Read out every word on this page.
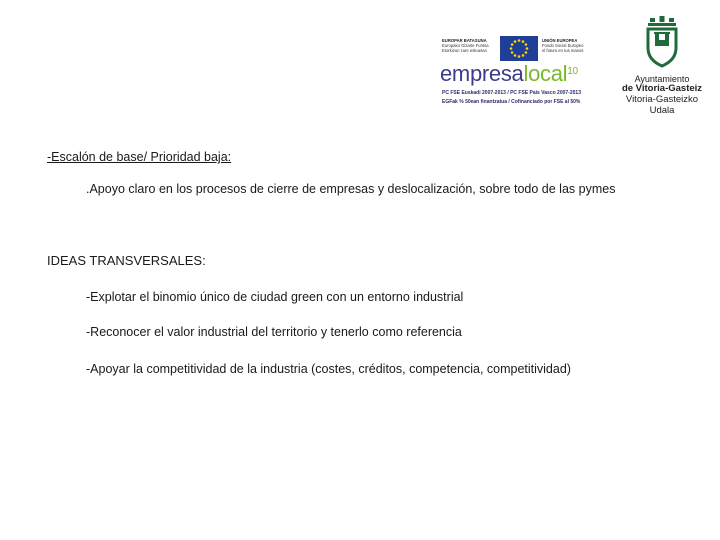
EUROPAR BATASUNA
Europako Gizarte Funtsa
Etorkizun zure eskuetan
UNIÓN EUROPEA
Fondo Social Europeo
el futuro en tus manos
empresalocal$^{10}$
PC FSE Euskadi 2007-2013 / PC FSE País Vasco 2007-2013
EGFak % 50ean finantzatua / Cofinanciado por FSE al 50%
Ayuntamiento
de Vitoria-Gasteiz
Vitoria-Gasteizko
Udala
-Escalón de base/ Prioridad baja:
.Apoyo claro en los procesos de cierre de empresas y deslocalización, sobre todo de las pymes
IDEAS TRANSVERSALES:
-Explotar el binomio único de ciudad green con un entorno industrial
-Reconocer el valor industrial del territorio y tenerlo como referencia
-Apoyar la competitividad de la industria (costes, créditos, competencia, competitividad)
